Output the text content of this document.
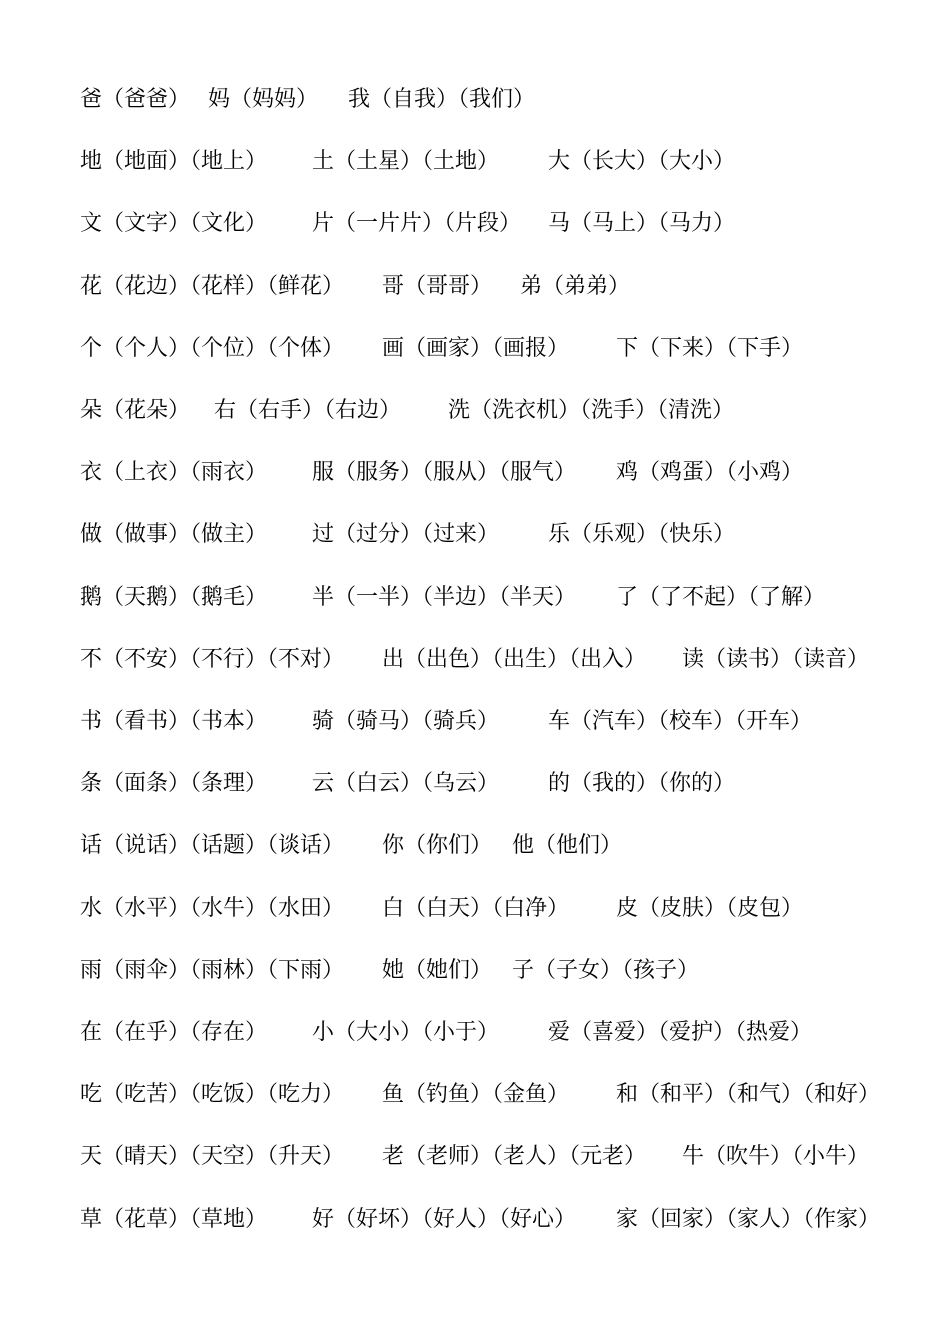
爸（爸爸） 妈（妈妈） 我（自我）（我们）
地（地面）（地上） 土（土星）（土地） 大（长大）（大小）
文（文字）（文化） 片（一片片）（片段） 马（马上）（马力）
花（花边）（花样）（鲜花） 哥（哥哥） 弟（弟弟）
个（个人）（个位）（个体） 画（画家）（画报） 下（下来）（下手）
朵（花朵） 右（右手）（右边） 洗（洗衣机）（洗手）（清洗）
衣（上衣）（雨衣） 服（服务）（服从）（服气） 鸡（鸡蛋）（小鸡）
做（做事）（做主） 过（过分）（过来） 乐（乐观）（快乐）
鹅（天鹅）（鹅毛） 半（一半）（半边）（半天） 了（了不起）（了解）
不（不安）（不行）（不对） 出（出色）（出生）（出入） 读（读书）（读音）
书（看书）（书本） 骑（骑马）（骑兵） 车（汽车）（校车）（开车）
条（面条）（条理） 云（白云）（乌云） 的（我的）（你的）
话（说话）（话题）（谈话） 你（你们） 他（他们）
水（水平）（水牛）（水田） 白（白天）（白净） 皮（皮肤）（皮包）
雨（雨伞）（雨林）（下雨） 她（她们） 子（子女）（孩子）
在（在乎）（存在） 小（大小）（小于） 爱（喜爱）（爱护）（热爱）
吃（吃苦）（吃饭）（吃力） 鱼（钓鱼）（金鱼） 和（和平）（和气）（和好）
天（晴天）（天空）（升天） 老（老师）（老人）（元老） 牛（吹牛）（小牛）
草（花草）（草地） 好（好坏）（好人）（好心） 家（回家）（家人）（作家）
